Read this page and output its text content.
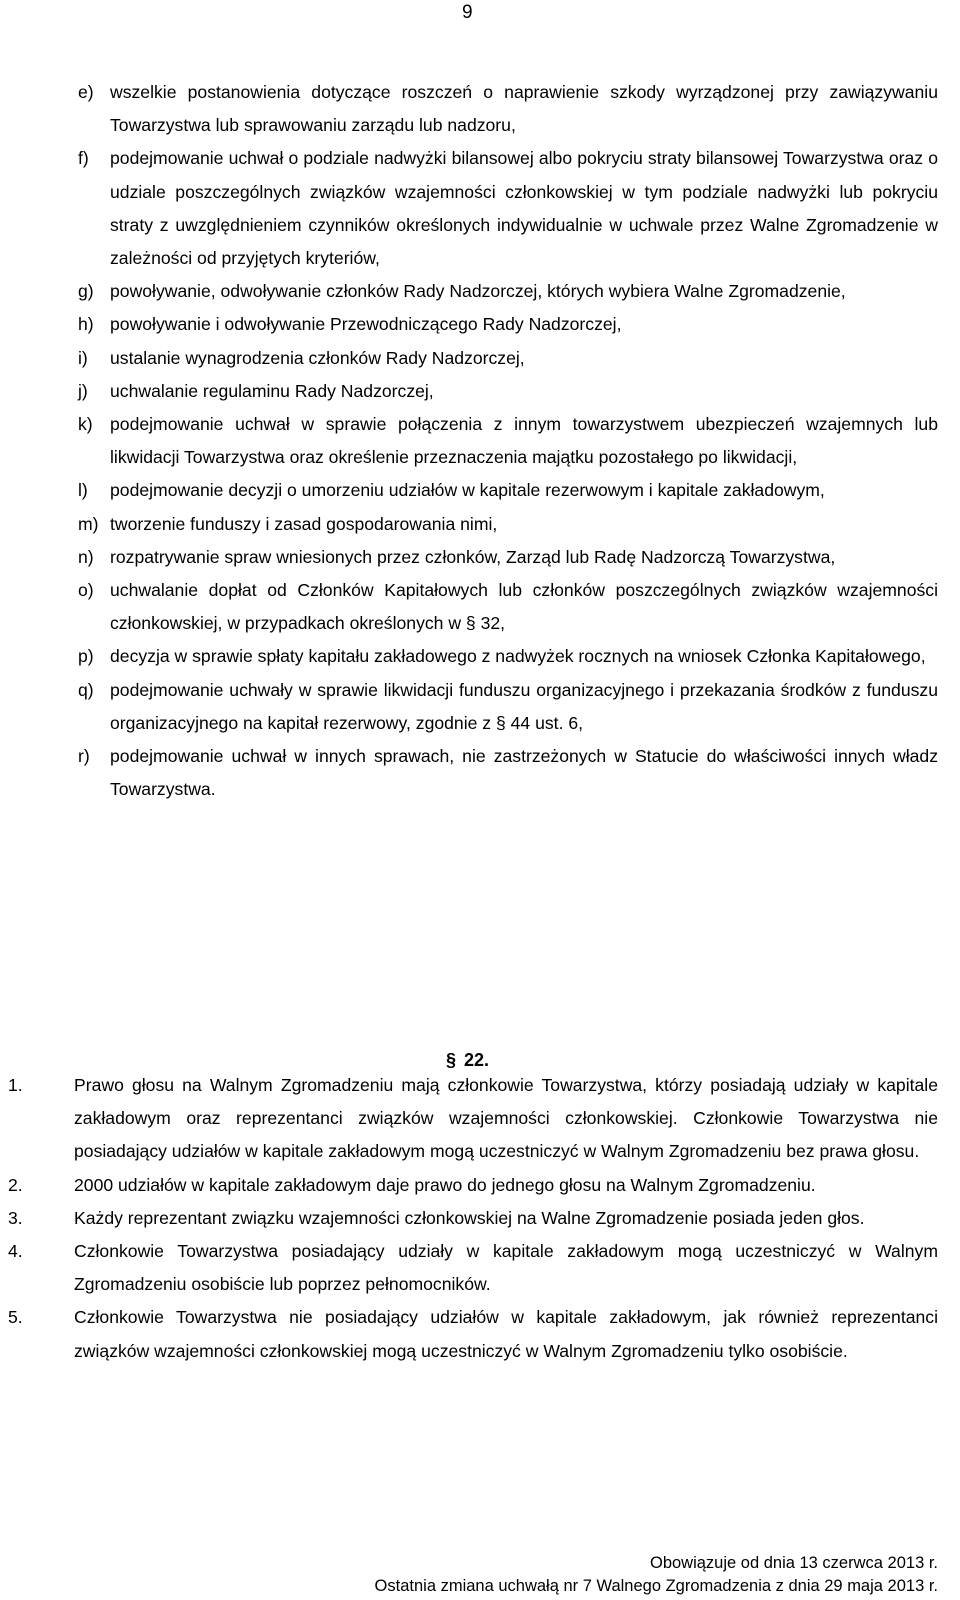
9
e) wszelkie postanowienia dotyczące roszczeń o naprawienie szkody wyrządzonej przy zawiązywaniu Towarzystwa lub sprawowaniu zarządu lub nadzoru,
f) podejmowanie uchwał o podziale nadwyżki bilansowej albo pokryciu straty bilansowej Towarzystwa oraz o udziale poszczególnych związków wzajemności członkowskiej w tym podziale nadwyżki lub pokryciu straty z uwzględnieniem czynników określonych indywidualnie w uchwale przez Walne Zgromadzenie w zależności od przyjętych kryteriów,
g) powoływanie, odwoływanie członków Rady Nadzorczej, których wybiera Walne Zgromadzenie,
h) powoływanie i odwoływanie Przewodniczącego Rady Nadzorczej,
i) ustalanie wynagrodzenia członków Rady Nadzorczej,
j) uchwalanie regulaminu Rady Nadzorczej,
k) podejmowanie uchwał w sprawie połączenia z innym towarzystwem ubezpieczeń wzajemnych lub likwidacji Towarzystwa oraz określenie przeznaczenia majątku pozostałego po likwidacji,
l) podejmowanie decyzji o umorzeniu udziałów w kapitale rezerwowym i kapitale zakładowym,
m) tworzenie funduszy i zasad gospodarowania nimi,
n) rozpatrywanie spraw wniesionych przez członków, Zarząd lub Radę Nadzorczą Towarzystwa,
o) uchwalanie dopłat od Członków Kapitałowych lub członków poszczególnych związków wzajemności członkowskiej, w przypadkach określonych w § 32,
p) decyzja w sprawie spłaty kapitału zakładowego z nadwyżek rocznych na wniosek Członka Kapitałowego,
q) podejmowanie uchwały w sprawie likwidacji funduszu organizacyjnego i przekazania środków z funduszu organizacyjnego na kapitał rezerwowy, zgodnie z § 44 ust. 6,
r) podejmowanie uchwał w innych sprawach, nie zastrzeżonych w Statucie do właściwości innych władz Towarzystwa.
§ 22.
1.	Prawo głosu na Walnym Zgromadzeniu mają członkowie Towarzystwa, którzy posiadają udziały w kapitale zakładowym oraz reprezentanci związków wzajemności członkowskiej. Członkowie Towarzystwa nie posiadający udziałów w kapitale zakładowym mogą uczestniczyć w Walnym Zgromadzeniu bez prawa głosu.
2.	2000 udziałów w kapitale zakładowym daje prawo do jednego głosu na Walnym Zgromadzeniu.
3.	Każdy reprezentant związku wzajemności członkowskiej na Walne Zgromadzenie posiada jeden głos.
4.	Członkowie Towarzystwa posiadający udziały w kapitale zakładowym mogą uczestniczyć w Walnym Zgromadzeniu osobiście lub poprzez pełnomocników.
5.	Członkowie Towarzystwa nie posiadający udziałów w kapitale zakładowym, jak również reprezentanci związków wzajemności członkowskiej mogą uczestniczyć w Walnym Zgromadzeniu tylko osobiście.
Obowiązuje od dnia 13 czerwca 2013 r.
Ostatnia zmiana uchwałą nr 7 Walnego Zgromadzenia z dnia 29 maja 2013 r.
